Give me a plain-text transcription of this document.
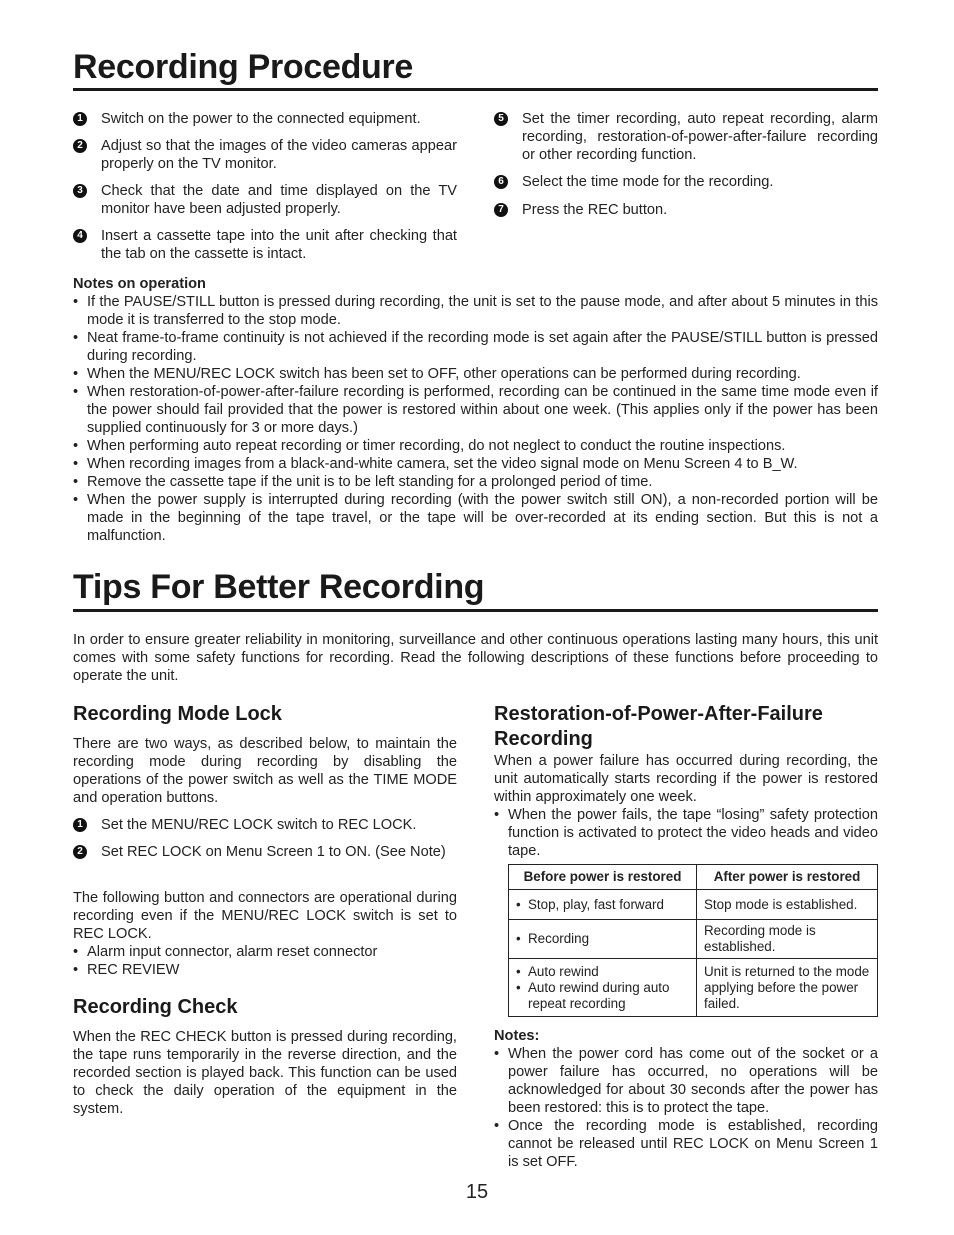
Recording Procedure
1 Switch on the power to the connected equipment.
2 Adjust so that the images of the video cameras appear properly on the TV monitor.
3 Check that the date and time displayed on the TV monitor have been adjusted properly.
4 Insert a cassette tape into the unit after checking that the tab on the cassette is intact.
5 Set the timer recording, auto repeat recording, alarm recording, restoration-of-power-after-failure recording or other recording function.
6 Select the time mode for the recording.
7 Press the REC button.
Notes on operation
• If the PAUSE/STILL button is pressed during recording, the unit is set to the pause mode, and after about 5 minutes in this mode it is transferred to the stop mode.
• Neat frame-to-frame continuity is not achieved if the recording mode is set again after the PAUSE/STILL button is pressed during recording.
• When the MENU/REC LOCK switch has been set to OFF, other operations can be performed during recording.
• When restoration-of-power-after-failure recording is performed, recording can be continued in the same time mode even if the power should fail provided that the power is restored within about one week. (This applies only if the power has been supplied continuously for 3 or more days.)
• When performing auto repeat recording or timer recording, do not neglect to conduct the routine inspections.
• When recording images from a black-and-white camera, set the video signal mode on Menu Screen 4 to B_W.
• Remove the cassette tape if the unit is to be left standing for a prolonged period of time.
• When the power supply is interrupted during recording (with the power switch still ON), a non-recorded portion will be made in the beginning of the tape travel, or the tape will be over-recorded at its ending section. But this is not a malfunction.
Tips For Better Recording
In order to ensure greater reliability in monitoring, surveillance and other continuous operations lasting many hours, this unit comes with some safety functions for recording. Read the following descriptions of these functions before proceeding to operate the unit.
Recording Mode Lock
There are two ways, as described below, to maintain the recording mode during recording by disabling the operations of the power switch as well as the TIME MODE and operation buttons.
1 Set the MENU/REC LOCK switch to REC LOCK.
2 Set REC LOCK on Menu Screen 1 to ON. (See Note)
The following button and connectors are operational during recording even if the MENU/REC LOCK switch is set to REC LOCK.
• Alarm input connector, alarm reset connector
• REC REVIEW
Recording Check
When the REC CHECK button is pressed during recording, the tape runs temporarily in the reverse direction, and the recorded section is played back. This function can be used to check the daily operation of the equipment in the system.
Restoration-of-Power-After-Failure
Recording
When a power failure has occurred during recording, the unit automatically starts recording if the power is restored within approximately one week.
• When the power fails, the tape “losing” safety protection function is activated to protect the video heads and video tape.
Before power is restored	After power is restored

• Stop, play, fast forward	Stop mode is established.

• Recording	Recording mode is established.

• Auto rewind
• Auto rewind during auto repeat recording	Unit is returned to the mode applying before the power failed.
Notes:
• When the power cord has come out of the socket or a power failure has occurred, no operations will be acknowledged for about 30 seconds after the power has been restored: this is to protect the tape.
• Once the recording mode is established, recording cannot be released until REC LOCK on Menu Screen 1 is set OFF.
15
